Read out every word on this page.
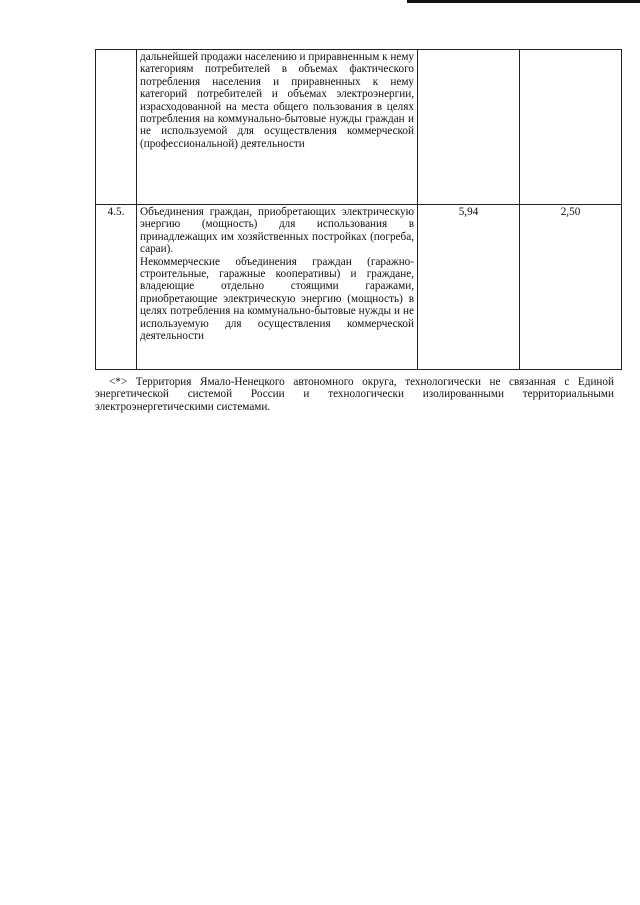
	дальнейшей продажи населению и приравненным к нему категориям потребителей в объемах фактического потребления населения и приравненных к нему категорий потребителей и объемах электроэнергии, израсходованной на места общего пользования в целях потребления на коммунально-бытовые нужды граждан и не используемой для осуществления коммерческой (профессиональной) деятельности		

4.5.	Объединения граждан, приобретающих электрическую энергию (мощность) для использования в принадлежащих им хозяйственных постройках (погреба, сараи).
Некоммерческие объединения граждан (гаражно-строительные, гаражные кооперативы) и граждане, владеющие отдельно стоящими гаражами, приобретающие электрическую энергию (мощность) в целях потребления на коммунально-бытовые нужды и не используемую для осуществления коммерческой деятельности	5,94	2,50
<*> Территория Ямало-Ненецкого автономного округа, технологически не связанная с Единой энергетической системой России и технологически изолированными территориальными электроэнергетическими системами.
